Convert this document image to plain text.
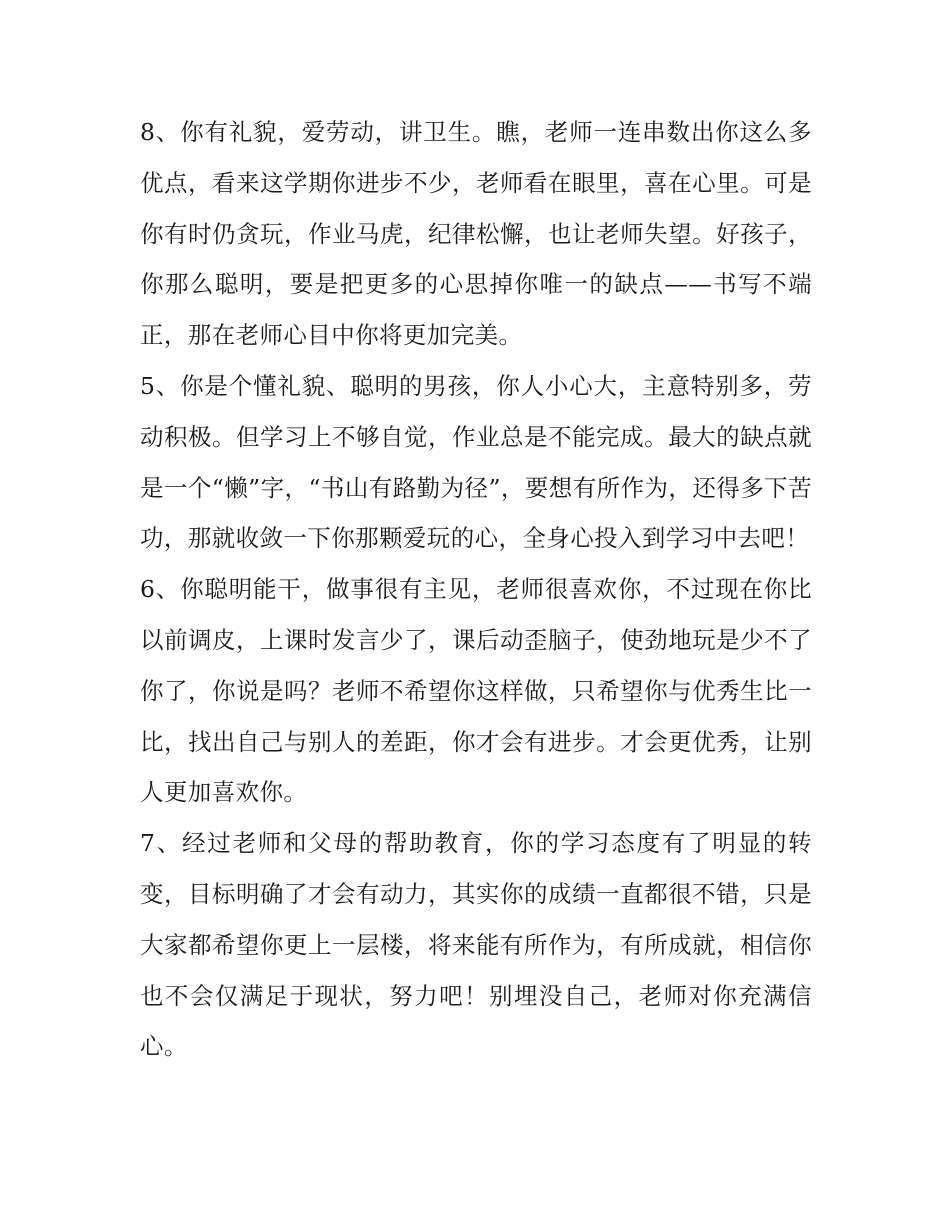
8、你有礼貌，爱劳动，讲卫生。瞧，老师一连串数出你这么多优点，看来这学期你进步不少，老师看在眼里，喜在心里。可是你有时仍贪玩，作业马虎，纪律松懈，也让老师失望。好孩子，你那么聪明，要是把更多的心思掉你唯一的缺点——书写不端正，那在老师心目中你将更加完美。

5、你是个懂礼貌、聪明的男孩，你人小心大，主意特别多，劳动积极。但学习上不够自觉，作业总是不能完成。最大的缺点就是一个“懒”字，“书山有路勤为径”，要想有所作为，还得多下苦功，那就收敛一下你那颗爱玩的心，全身心投入到学习中去吧！

6、你聪明能干，做事很有主见，老师很喜欢你，不过现在你比以前调皮，上课时发言少了，课后动歪脑子，使劲地玩是少不了你了，你说是吗？老师不希望你这样做，只希望你与优秀生比一比，找出自己与别人的差距，你才会有进步。才会更优秀，让别人更加喜欢你。

7、经过老师和父母的帮助教育，你的学习态度有了明显的转变，目标明确了才会有动力，其实你的成绩一直都很不错，只是大家都希望你更上一层楼，将来能有所作为，有所成就，相信你也不会仅满足于现状，努力吧！别埋没自己，老师对你充满信心。
